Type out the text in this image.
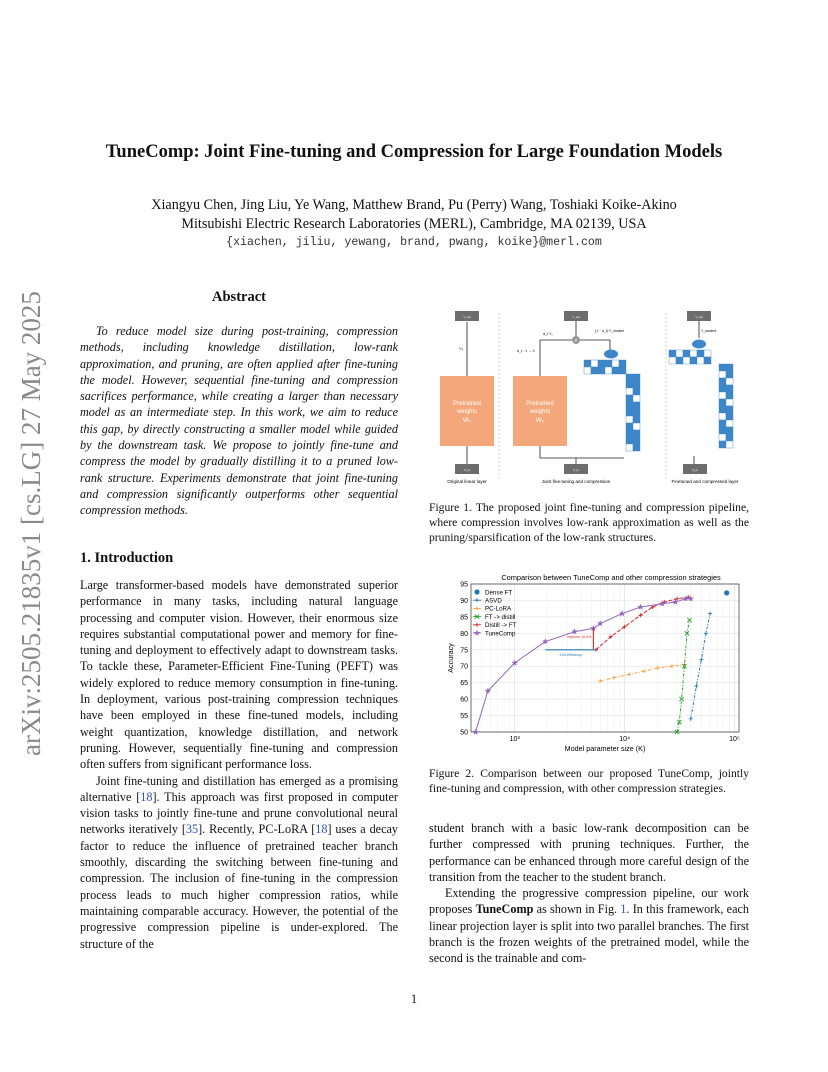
arXiv:2505.21835v1 [cs.LG] 27 May 2025
TuneComp: Joint Fine-tuning and Compression for Large Foundation Models
Xiangyu Chen, Jing Liu, Ye Wang, Matthew Brand, Pu (Perry) Wang, Toshiaki Koike-Akino
Mitsubishi Electric Research Laboratories (MERL), Cambridge, MA 02139, USA
{xiachen, jiliu, yewang, brand, pwang, koike}@merl.com
Abstract

To reduce model size during post-training, compression methods, including knowledge distillation, low-rank approximation, and pruning, are often applied after fine-tuning the model. However, sequential fine-tuning and compression sacrifices performance, while creating a larger than necessary model as an intermediate step. In this work, we aim to reduce this gap, by directly constructing a smaller model while guided by the downstream task. We propose to jointly fine-tune and compress the model by gradually distilling it to a pruned low-rank structure. Experiments demonstrate that joint fine-tuning and compression significantly outperforms other sequential compression methods.

1. Introduction

Large transformer-based models have demonstrated superior performance in many tasks, including natural language processing and computer vision. However, their enormous size requires substantial computational power and memory for fine-tuning and deployment to effectively adapt to downstream tasks. To tackle these, Parameter-Efficient Fine-Tuning (PEFT) was widely explored to reduce memory consumption in fine-tuning. In deployment, various post-training compression techniques have been employed in these fine-tuned models, including weight quantization, knowledge distillation, and network pruning. However, sequentially fine-tuning and compression often suffers from significant performance loss.

Joint fine-tuning and distillation has emerged as a promising alternative [18]. This approach was first proposed in computer vision tasks to jointly fine-tune and prune convolutional neural networks iteratively [35]. Recently, PC-LoRA [18] uses a decay factor to reduce the influence of pretrained teacher branch smoothly, discarding the switching between fine-tuning and compression. The inclusion of fine-tuning in the compression process leads to much higher compression ratios, while maintaining comparable accuracy. However, the potential of the progressive compression pipeline is under-explored. The structure of the

student branch with a basic low-rank decomposition can be further compressed with pruning techniques. Further, the performance can be enhanced through more careful design of the transition from the teacher to the student branch.

Extending the progressive compression pipeline, our work proposes TuneComp as shown in Fig. 1. In this framework, each linear projection layer is split into two parallel branches. The first branch is the frozen weights of the pretrained model, while the second is the trainable and com-

Y_out
Y₀
Pretrained
weights
W₀
X_in
Original linear layer
Y_out
+
α_t Y₀
α_t : 1 → 0
(1 − α_t)·Y_student
Pretrained
weights
W₀
X_in
Joint fine-tuning and compression
Y_out
Y_student
X_in
Finetuned and compressed layer
Figure 1. The proposed joint fine-tuning and compression pipeline, where compression involves low-rank approximation as well as the pruning/sparsification of the low-rank structures.
Comparison between TuneComp and other compression strategies
50
55
60
65
70
75
80
85
90
95
10³	10⁴	10⁵
Model parameter size (K)
Accuracy
Improve 10.0%
3.5x efficiency
Dense FT
ASVD
PC-LoRA
FT -> distill
Distill -> FT
TuneComp
Figure 2. Comparison between our proposed TuneComp, jointly fine-tuning and compression, with other compression strategies.
1
